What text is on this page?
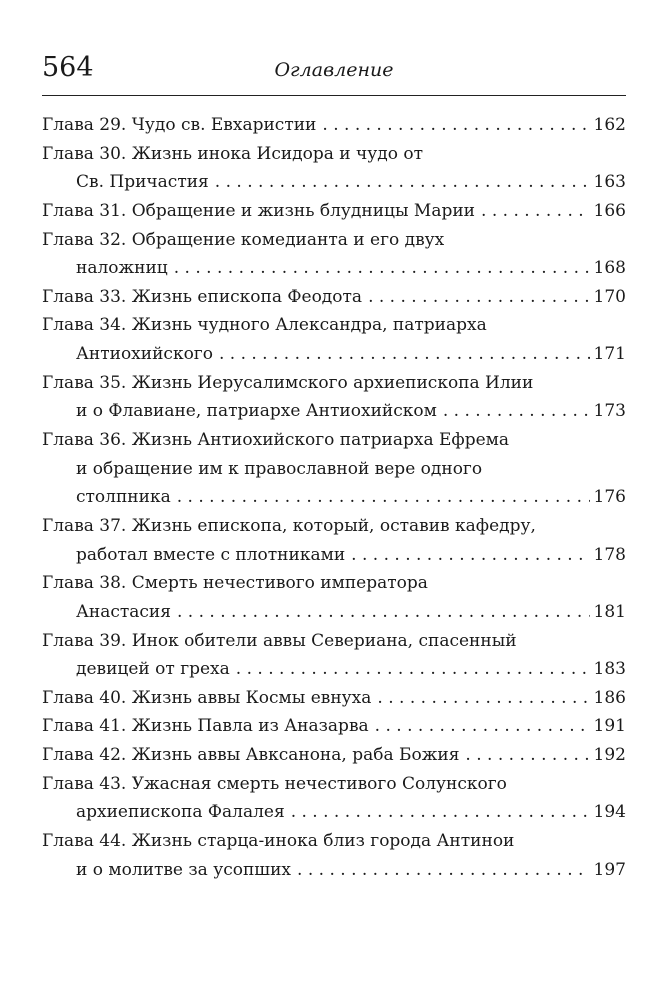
564	Оглавление
Глава 29. Чудо св. Евхаристии . . .	162
Глава 30. Жизнь инока Исидора и чудо от
Св. Причастия . . .	163
Глава 31. Обращение и жизнь блудницы Марии . . .	166
Глава 32. Обращение комедианта и его двух
наложниц . . .	168
Глава 33. Жизнь епископа Феодота . . .	170
Глава 34. Жизнь чудного Александра, патриарха
Антиохийского . . .	171
Глава 35. Жизнь Иерусалимского архиепископа Илии
и о Флавиане, патриархе Антиохийском . . .	173
Глава 36. Жизнь Антиохийского патриарха Ефрема
и обращение им к православной вере одного
столпника . . .	176
Глава 37. Жизнь епископа, который, оставив кафедру,
работал вместе с плотниками . . .	178
Глава 38. Смерть нечестивого императора
Анастасия . . .	181
Глава 39. Инок обители аввы Севериана, спасенный
девицей от греха . . .	183
Глава 40. Жизнь аввы Космы евнуха . . .	186
Глава 41. Жизнь Павла из Аназарва . . .	191
Глава 42. Жизнь аввы Авксанона, раба Божия . . .	192
Глава 43. Ужасная смерть нечестивого Солунского
архиепископа Фалалея . . .	194
Глава 44. Жизнь старца-инока близ города Антинои
и о молитве за усопших . . .	197
